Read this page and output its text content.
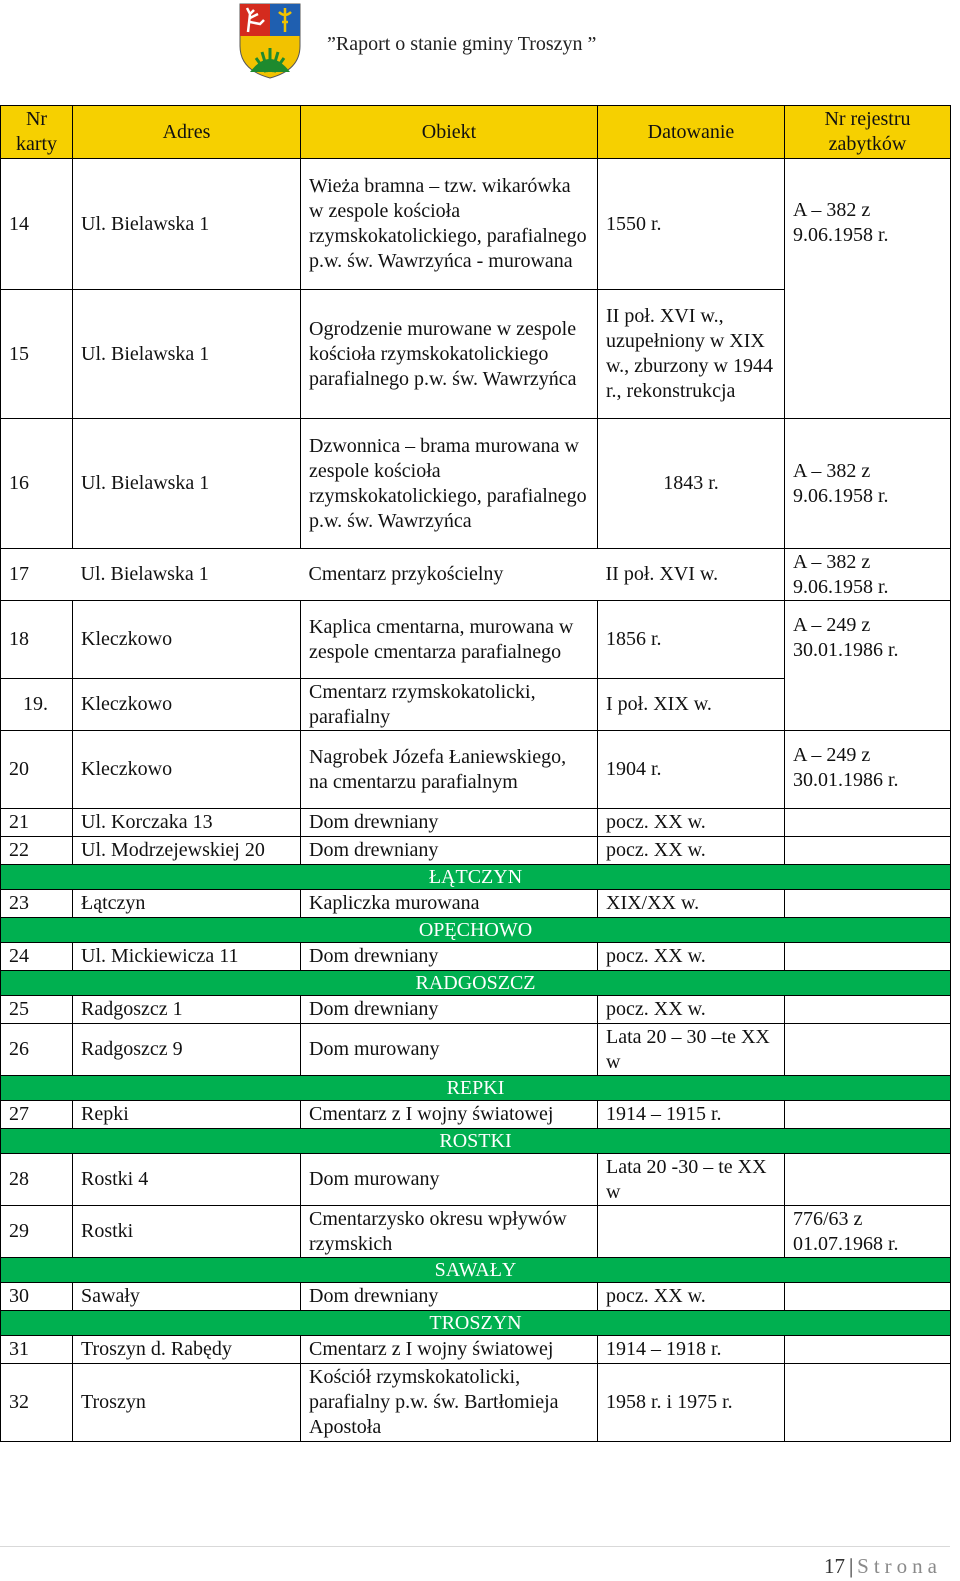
”Raport o stanie gminy Troszyn ”
Nr karty	Adres	Obiekt	Datowanie	Nr rejestru zabytków
14	Ul. Bielawska 1	Wieża bramna – tzw. wikarówka w zespole kościoła rzymskokatolickiego, parafialnego p.w. św. Wawrzyńca - murowana	1550 r.	A – 382 z 9.06.1958 r.
15	Ul. Bielawska 1	Ogrodzenie murowane w zespole kościoła rzymskokatolickiego parafialnego p.w. św. Wawrzyńca	II poł. XVI w., uzupełniony w XIX w., zburzony w 1944 r., rekonstrukcja	
16	Ul. Bielawska 1	Dzwonnica – brama murowana w zespole kościoła rzymskokatolickiego, parafialnego p.w. św. Wawrzyńca	1843 r.	A – 382 z 9.06.1958 r.
17	Ul. Bielawska 1	Cmentarz przykościelny	II poł. XVI w.	A – 382 z 9.06.1958 r.
18	Kleczkowo	Kaplica cmentarna, murowana w zespole cmentarza parafialnego	1856 r.	A – 249 z 30.01.1986 r.
19.	Kleczkowo	Cmentarz rzymskokatolicki, parafialny	I poł. XIX w.	
20	Kleczkowo	Nagrobek Józefa Łaniewskiego, na cmentarzu parafialnym	1904 r.	A – 249 z 30.01.1986 r.
21	Ul. Korczaka 13	Dom drewniany	pocz. XX w.	
22	Ul. Modrzejewskiej 20	Dom drewniany	pocz. XX w.	
ŁĄTCZYN				
23	Łątczyn	Kapliczka murowana	XIX/XX w.	
OPĘCHOWO				
24	Ul. Mickiewicza 11	Dom drewniany	pocz. XX w.	
RADGOSZCZ				
25	Radgoszcz 1	Dom drewniany	pocz. XX w.	
26	Radgoszcz 9	Dom murowany	Lata 20 – 30 –te XX w	
REPKI				
27	Repki	Cmentarz z I wojny światowej	1914 – 1915 r.	
ROSTKI				
28	Rostki 4	Dom murowany	Lata 20 -30 – te XX w	
29	Rostki	Cmentarzysko okresu wpływów rzymskich		776/63 z 01.07.1968 r.
SAWAŁY				
30	Sawały	Dom drewniany	pocz. XX w.	
TROSZYN				
31	Troszyn d. Rabędy	Cmentarz z I wojny światowej	1914 – 1918 r.	
32	Troszyn	Kościół rzymskokatolicki, parafialny p.w. św. Bartłomieja Apostoła	1958 r. i 1975 r.	
17 | Strona
